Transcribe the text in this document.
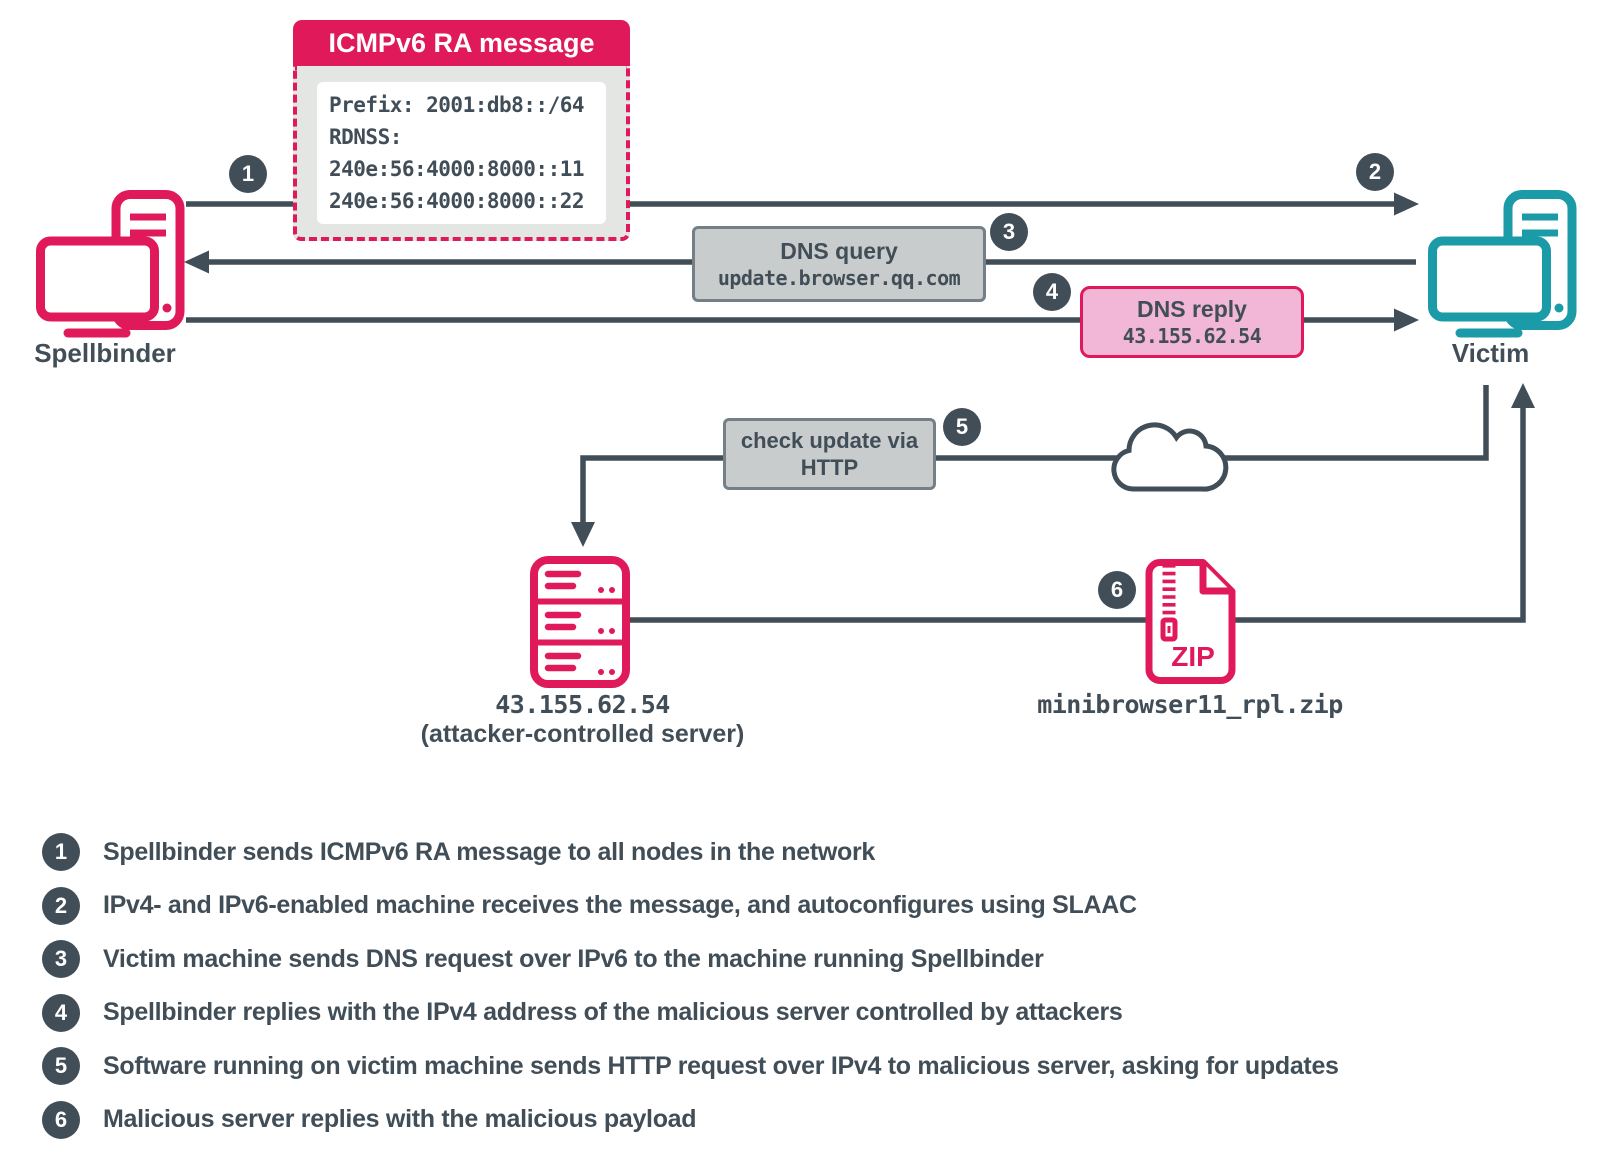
ICMPv6 RA message
Prefix: 2001:db8::/64
RDNSS:
240e:56:4000:8000::11
240e:56:4000:8000::22
Spellbinder	Victim
DNS query
update.browser.qq.com
DNS reply
43.155.62.54
check update via
HTTP
43.155.62.54
(attacker-controlled server)
ZIP
minibrowser11_rpl.zip
1	2
3
4
5
6
1	Spellbinder sends ICMPv6 RA message to all nodes in the network
2	IPv4- and IPv6-enabled machine receives the message, and autoconfigures using SLAAC
3	Victim machine sends DNS request over IPv6 to the machine running Spellbinder
4	Spellbinder replies with the IPv4 address of the malicious server controlled by attackers
5	Software running on victim machine sends HTTP request over IPv4 to malicious server, asking for updates
6	Malicious server replies with the malicious payload
